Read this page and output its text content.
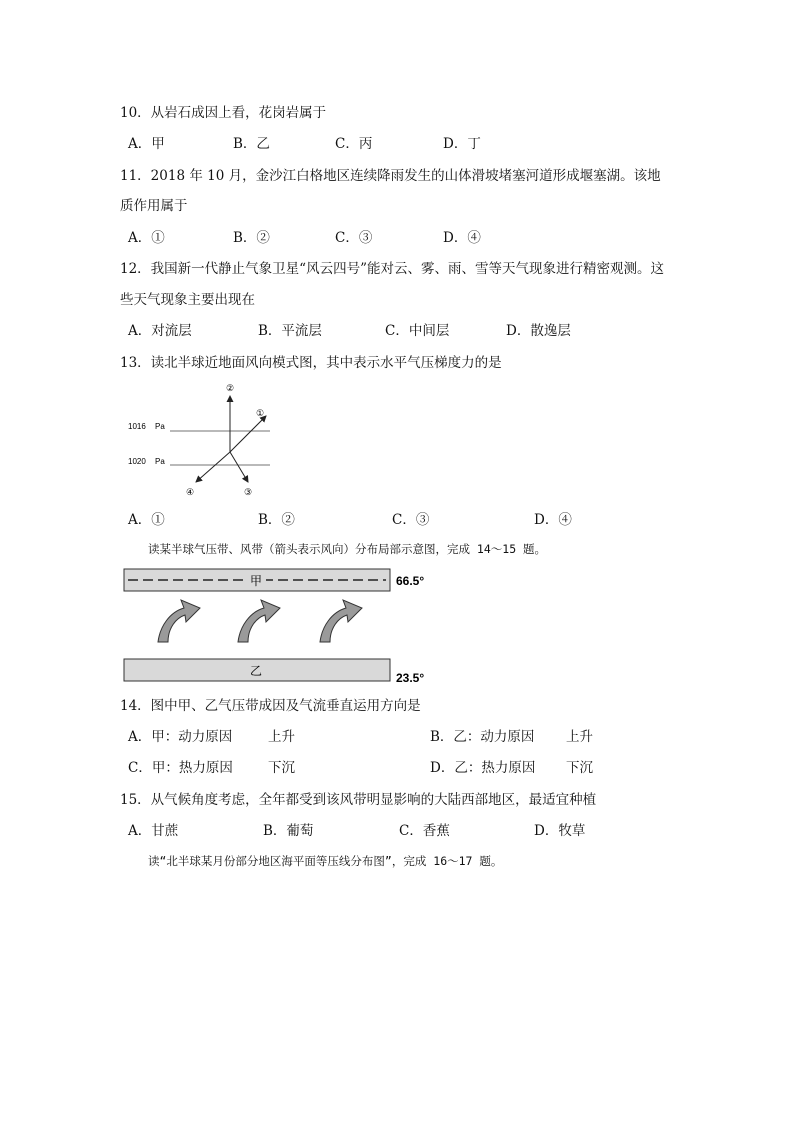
10．从岩石成因上看，花岗岩属于
A．甲	B．乙	C．丙	D．丁
11．2018 年 10 月，金沙江白格地区连续降雨发生的山体滑坡堵塞河道形成堰塞湖。该地
质作用属于
A．①	B．②	C．③	D．④
12．我国新一代静止气象卫星“风云四号”能对云、雾、雨、雪等天气现象进行精密观测。这
些天气现象主要出现在
A．对流层	B．平流层	C．中间层	D．散逸层
13．读北半球近地面风向模式图，其中表示水平气压梯度力的是
1016 Pa
1020 Pa
①
②
③
④
A．①	B．②	C．③	D．④
读某半球气压带、风带（箭头表示风向）分布局部示意图，完成 14～15 题。
甲	66.5°
乙	23.5°
14．图中甲、乙气压带成因及气流垂直运用方向是
A．甲：动力原因	上升	B．乙：动力原因 上升
C．甲：热力原因	下沉	D．乙：热力原因 下沉
15．从气候角度考虑，全年都受到该风带明显影响的大陆西部地区，最适宜种植
A．甘蔗	B．葡萄	C．香蕉	D．牧草
读“北半球某月份部分地区海平面等压线分布图”，完成 16～17 题。
